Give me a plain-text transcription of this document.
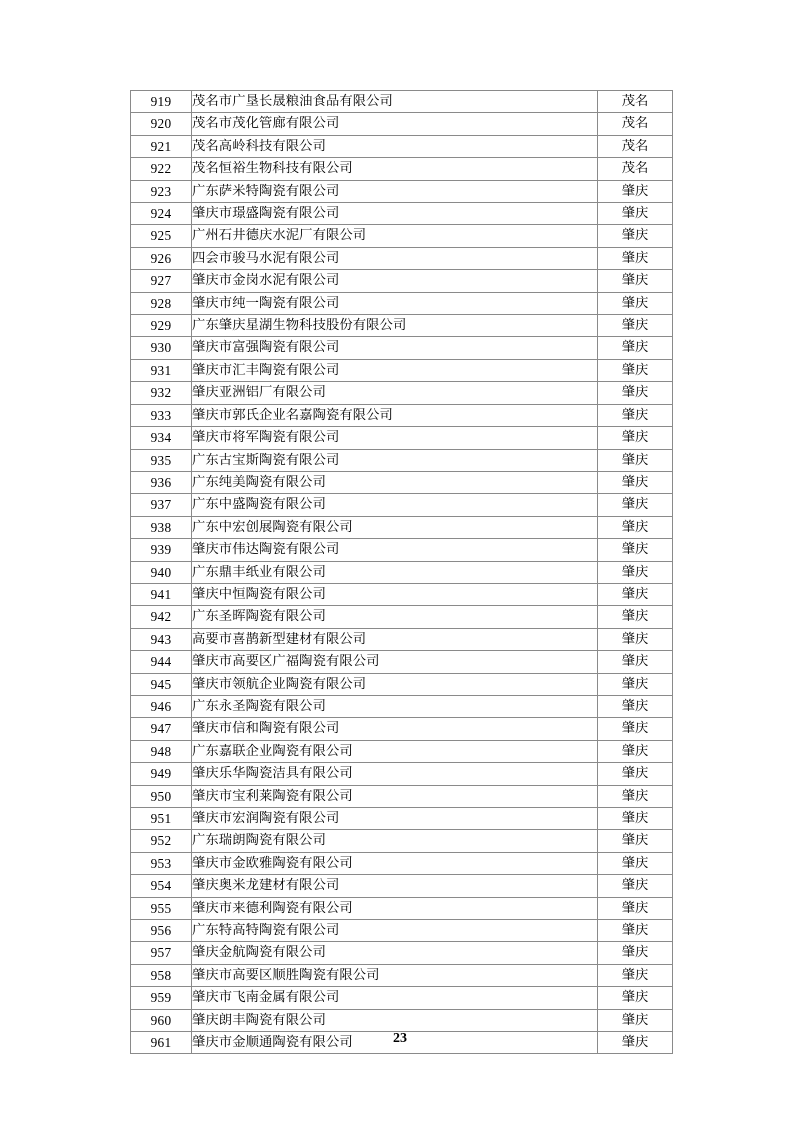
919	茂名市广垦长晟粮油食品有限公司	茂名
920	茂名市茂化管廊有限公司	茂名
921	茂名高岭科技有限公司	茂名
922	茂名恒裕生物科技有限公司	茂名
923	广东萨米特陶瓷有限公司	肇庆
924	肇庆市璟盛陶瓷有限公司	肇庆
925	广州石井德庆水泥厂有限公司	肇庆
926	四会市骏马水泥有限公司	肇庆
927	肇庆市金岗水泥有限公司	肇庆
928	肇庆市纯一陶瓷有限公司	肇庆
929	广东肇庆星湖生物科技股份有限公司	肇庆
930	肇庆市富强陶瓷有限公司	肇庆
931	肇庆市汇丰陶瓷有限公司	肇庆
932	肇庆亚洲铝厂有限公司	肇庆
933	肇庆市郭氏企业名嘉陶瓷有限公司	肇庆
934	肇庆市将军陶瓷有限公司	肇庆
935	广东古宝斯陶瓷有限公司	肇庆
936	广东纯美陶瓷有限公司	肇庆
937	广东中盛陶瓷有限公司	肇庆
938	广东中宏创展陶瓷有限公司	肇庆
939	肇庆市伟达陶瓷有限公司	肇庆
940	广东鼎丰纸业有限公司	肇庆
941	肇庆中恒陶瓷有限公司	肇庆
942	广东圣晖陶瓷有限公司	肇庆
943	高要市喜鹊新型建材有限公司	肇庆
944	肇庆市高要区广福陶瓷有限公司	肇庆
945	肇庆市领航企业陶瓷有限公司	肇庆
946	广东永圣陶瓷有限公司	肇庆
947	肇庆市信和陶瓷有限公司	肇庆
948	广东嘉联企业陶瓷有限公司	肇庆
949	肇庆乐华陶瓷洁具有限公司	肇庆
950	肇庆市宝利莱陶瓷有限公司	肇庆
951	肇庆市宏润陶瓷有限公司	肇庆
952	广东瑞朗陶瓷有限公司	肇庆
953	肇庆市金欧雅陶瓷有限公司	肇庆
954	肇庆奥米龙建材有限公司	肇庆
955	肇庆市来德利陶瓷有限公司	肇庆
956	广东特高特陶瓷有限公司	肇庆
957	肇庆金航陶瓷有限公司	肇庆
958	肇庆市高要区顺胜陶瓷有限公司	肇庆
959	肇庆市飞南金属有限公司	肇庆
960	肇庆朗丰陶瓷有限公司	肇庆
961	肇庆市金顺通陶瓷有限公司	肇庆
23
